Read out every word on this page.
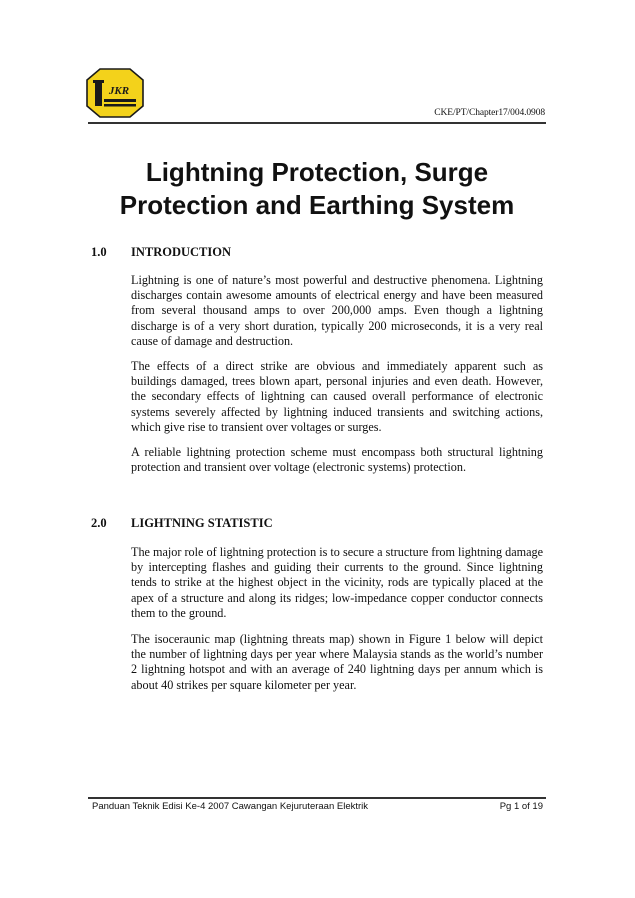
JKR
CKE/PT/Chapter17/004.0908
Lightning Protection, Surge
Protection and Earthing System
1.0 INTRODUCTION

Lightning is one of nature’s most powerful and destructive phenomena. Lightning discharges contain awesome amounts of electrical energy and have been measured from several thousand amps to over 200,000 amps. Even though a lightning discharge is of a very short duration, typically 200 microseconds, it is a very real cause of damage and destruction.

The effects of a direct strike are obvious and immediately apparent such as buildings damaged, trees blown apart, personal injuries and even death. However, the secondary effects of lightning can caused overall performance of electronic systems severely affected by lightning induced transients and switching actions, which give rise to transient over voltages or surges.

A reliable lightning protection scheme must encompass both structural lightning protection and transient over voltage (electronic systems) protection.

2.0 LIGHTNING STATISTIC

The major role of lightning protection is to secure a structure from lightning damage by intercepting flashes and guiding their currents to the ground. Since lightning tends to strike at the highest object in the vicinity, rods are typically placed at the apex of a structure and along its ridges; low-impedance copper conductor connects them to the ground.

The isoceraunic map (lightning threats map) shown in Figure 1 below will depict the number of lightning days per year where Malaysia stands as the world’s number 2 lightning hotspot and with an average of 240 lightning days per annum which is about 40 strikes per square kilometer per year.

Panduan Teknik Edisi Ke-4 2007 Cawangan Kejuruteraan Elektrik	Pg 1 of 19
